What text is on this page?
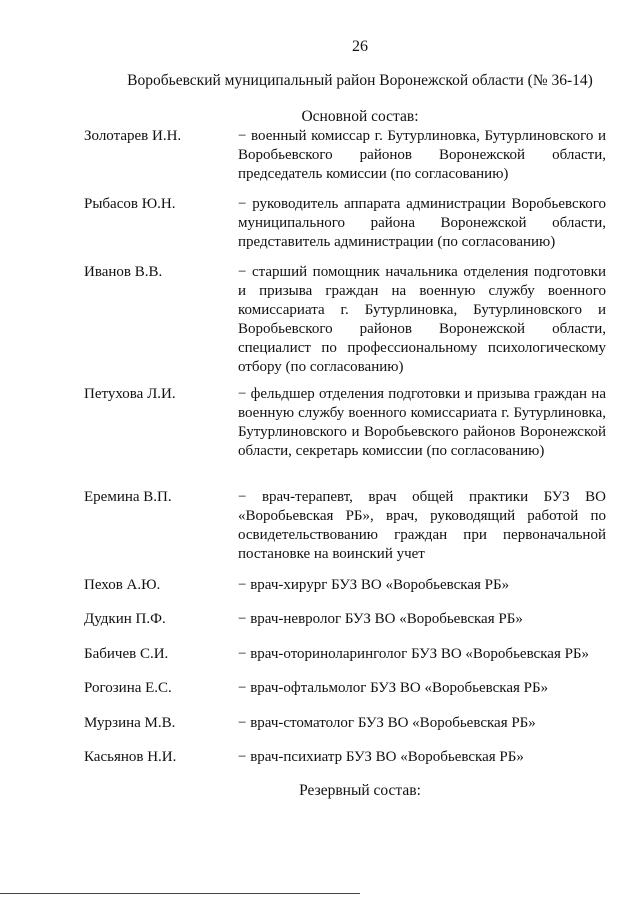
26
Воробьевский муниципальный район Воронежской области (№ 36-14)
Основной состав:
Золотарев И.Н.	− военный комиссар г. Бутурлиновка, Бутурлиновского и Воробьевского районов Воронежской области, председатель комиссии (по согласованию)
Рыбасов Ю.Н.	− руководитель аппарата администрации Воробьевского муниципального района Воронежской области, представитель администрации (по согласованию)
Иванов В.В.	− старший помощник начальника отделения подготовки и призыва граждан на военную службу военного комиссариата г. Бутурлиновка, Бутурлиновского и Воробьевского районов Воронежской области, специалист по профессиональному психологическому отбору (по согласованию)
Петухова Л.И.	− фельдшер отделения подготовки и призыва граждан на военную службу военного комиссариата г. Бутурлиновка, Бутурлиновского и Воробьевского районов Воронежской области, секретарь комиссии (по согласованию)
Еремина В.П.	− врач-терапевт, врач общей практики БУЗ ВО «Воробьевская РБ», врач, руководящий работой по освидетельствованию граждан при первоначальной постановке на воинский учет
Пехов А.Ю.	− врач-хирург БУЗ ВО «Воробьевская РБ»
Дудкин П.Ф.	− врач-невролог БУЗ ВО «Воробьевская РБ»
Бабичев С.И.	− врач-оториноларинголог БУЗ ВО «Воробьевская РБ»
Рогозина Е.С.	− врач-офтальмолог БУЗ ВО «Воробьевская РБ»
Мурзина М.В.	− врач-стоматолог БУЗ ВО «Воробьевская РБ»
Касьянов Н.И.	− врач-психиатр БУЗ ВО «Воробьевская РБ»
Резервный состав:
